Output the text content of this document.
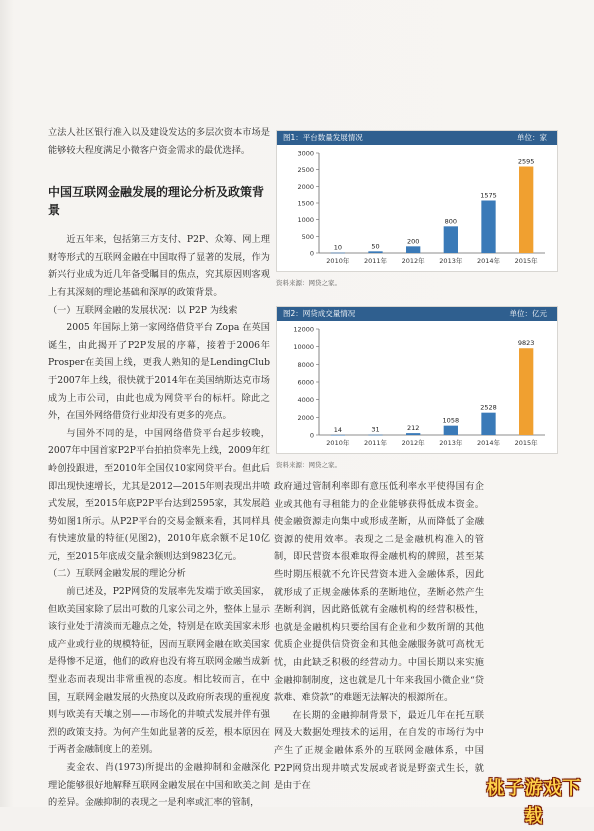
立法人社区银行准入以及建设发达的多层次资本市场是能够较大程度满足小微客户资金需求的最优选择。

中国互联网金融发展的理论分析及政策背景

近五年来，包括第三方支付、P2P、众筹、网上理财等形式的互联网金融在中国取得了显著的发展，作为新兴行业成为近几年备受瞩目的焦点，究其原因则客观上有其深刻的理论基础和深厚的政策背景。

（一）互联网金融的发展状况：以 P2P 为线索

2005 年国际上第一家网络借贷平台 Zopa 在英国诞生，由此揭开了P2P发展的序幕，接着于2006年Prosper在美国上线，更我人熟知的是LendingClub于2007年上线，很快就于2014年在美国纳斯达克市场成为上市公司，由此也成为网贷平台的标杆。除此之外，在国外网络借贷行业却没有更多的亮点。

与国外不同的是，中国网络借贷平台起步较晚，2007年中国首家P2P平台拍拍贷率先上线，2009年红岭创投跟进，至2010年全国仅10家网贷平台。但此后即出现快速增长，尤其是2012—2015年则表现出井喷式发展，至2015年底P2P平台达到2595家，其发展趋势如图1所示。从P2P平台的交易金额来看，其同样具有快速放量的特征(见图2)，2010年底余额不足10亿元，至2015年底成交量余额则达到9823亿元。

（二）互联网金融发展的理论分析

前已述及，P2P网贷的发展率先发端于欧美国家，但欧美国家除了层出可数的几家公司之外，整体上显示该行业处于清淡而无趣点之处，特别是在欧美国家未形成产业或行业的规模特征，因而互联网金融在欧美国家是得惨不足道，他们的政府也没有将互联网金融当成新型业态而表现出非常重视的态度。相比较而言，在中国，互联网金融发展的火热度以及政府所表现的重视度则与欧美有天壤之别——市场化的井喷式发展并伴有强烈的政策支持。为何产生如此显著的反差，根本原因在于两者金融制度上的差别。

麦金农、肖(1973)所提出的金融抑制和金融深化理论能够很好地解释互联网金融发展在中国和欧美之间的差异。金融抑制的表现之一是利率或汇率的管制，

图1：平台数量发展情况	单位：家
0
500
1000
1500
2000
2500
3000
10
2010年
50
2011年
200
2012年
800
2013年
1575
2014年
2595
2015年
资料来源：网贷之家。
图2：网贷成交量情况	单位：亿元
0
2000
4000
6000
8000
10000
12000
14
2010年
31
2011年
212
2012年
1058
2013年
2528
2014年
9823
2015年
资料来源：网贷之家。

政府通过管制利率即有意压低利率水平使得国有企业或其他有寻租能力的企业能够获得低成本资金。使金融资源走向集中或形成垄断，从而降低了金融资源的使用效率。表现之二是金融机构准入的管制，即民营资本很难取得金融机构的牌照，甚至某些时期压根就不允许民营资本进入金融体系，因此就形成了正规金融体系的垄断地位，垄断必然产生垄断利润，因此路低就有金融机构的经营积极性，也就是金融机构只要给国有企业和少数所谓的其他优质企业提供信贷资金和其他金融服务就可高枕无忧，由此缺乏积极的经营动力。中国长期以来实施金融抑制制度，这也就是几十年来我国小微企业“贷款难、难贷款”的难题无法解决的根源所在。

在长期的金融抑制背景下，最近几年在托互联网及大数据处理技术的运用，在自发的市场行为中产生了正规金融体系外的互联网金融体系，中国P2P网贷出现井喷式发展或者说是野蛮式生长，就是由于在	桃子游戏下载
